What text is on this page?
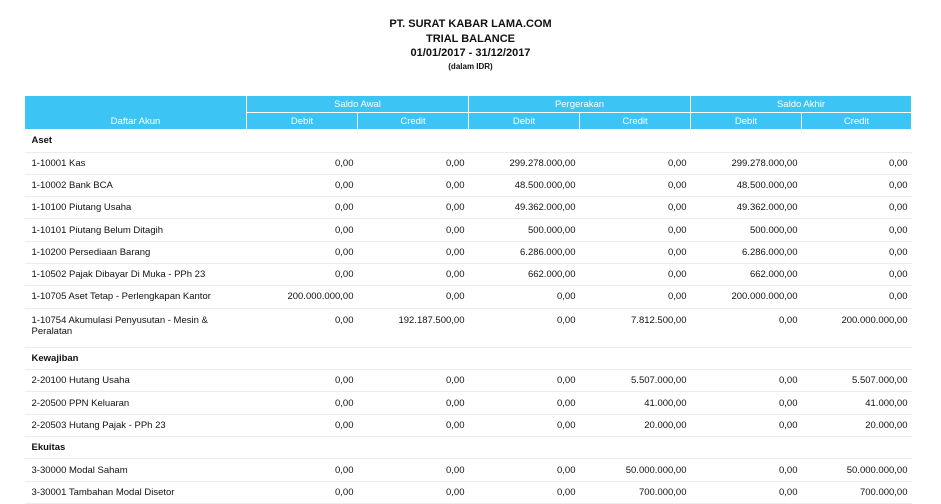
PT. SURAT KABAR LAMA.COM
TRIAL BALANCE
01/01/2017 - 31/12/2017
(dalam IDR)
Daftar Akun	Saldo Awal		Pergerakan		Saldo Akhir	
	Debit	Credit	Debit	Credit	Debit	Credit
Aset						
1-10001 Kas	0,00	0,00	299.278.000,00	0,00	299.278.000,00	0,00
1-10002 Bank BCA	0,00	0,00	48.500.000,00	0,00	48.500.000,00	0,00
1-10100 Piutang Usaha	0,00	0,00	49.362.000,00	0,00	49.362.000,00	0,00
1-10101 Piutang Belum Ditagih	0,00	0,00	500.000,00	0,00	500.000,00	0,00
1-10200 Persediaan Barang	0,00	0,00	6.286.000,00	0,00	6.286.000,00	0,00
1-10502 Pajak Dibayar Di Muka - PPh 23	0,00	0,00	662.000,00	0,00	662.000,00	0,00
1-10705 Aset Tetap - Perlengkapan Kantor	200.000.000,00	0,00	0,00	0,00	200.000.000,00	0,00
1-10754 Akumulasi Penyusutan - Mesin & Peralatan	0,00	192.187.500,00	0,00	7.812.500,00	0,00	200.000.000,00
Kewajiban						
2-20100 Hutang Usaha	0,00	0,00	0,00	5.507.000,00	0,00	5.507.000,00
2-20500 PPN Keluaran	0,00	0,00	0,00	41.000,00	0,00	41.000,00
2-20503 Hutang Pajak - PPh 23	0,00	0,00	0,00	20.000,00	0,00	20.000,00
Ekuitas						
3-30000 Modal Saham	0,00	0,00	0,00	50.000.000,00	0,00	50.000.000,00
3-30001 Tambahan Modal Disetor	0,00	0,00	0,00	700.000,00	0,00	700.000,00
